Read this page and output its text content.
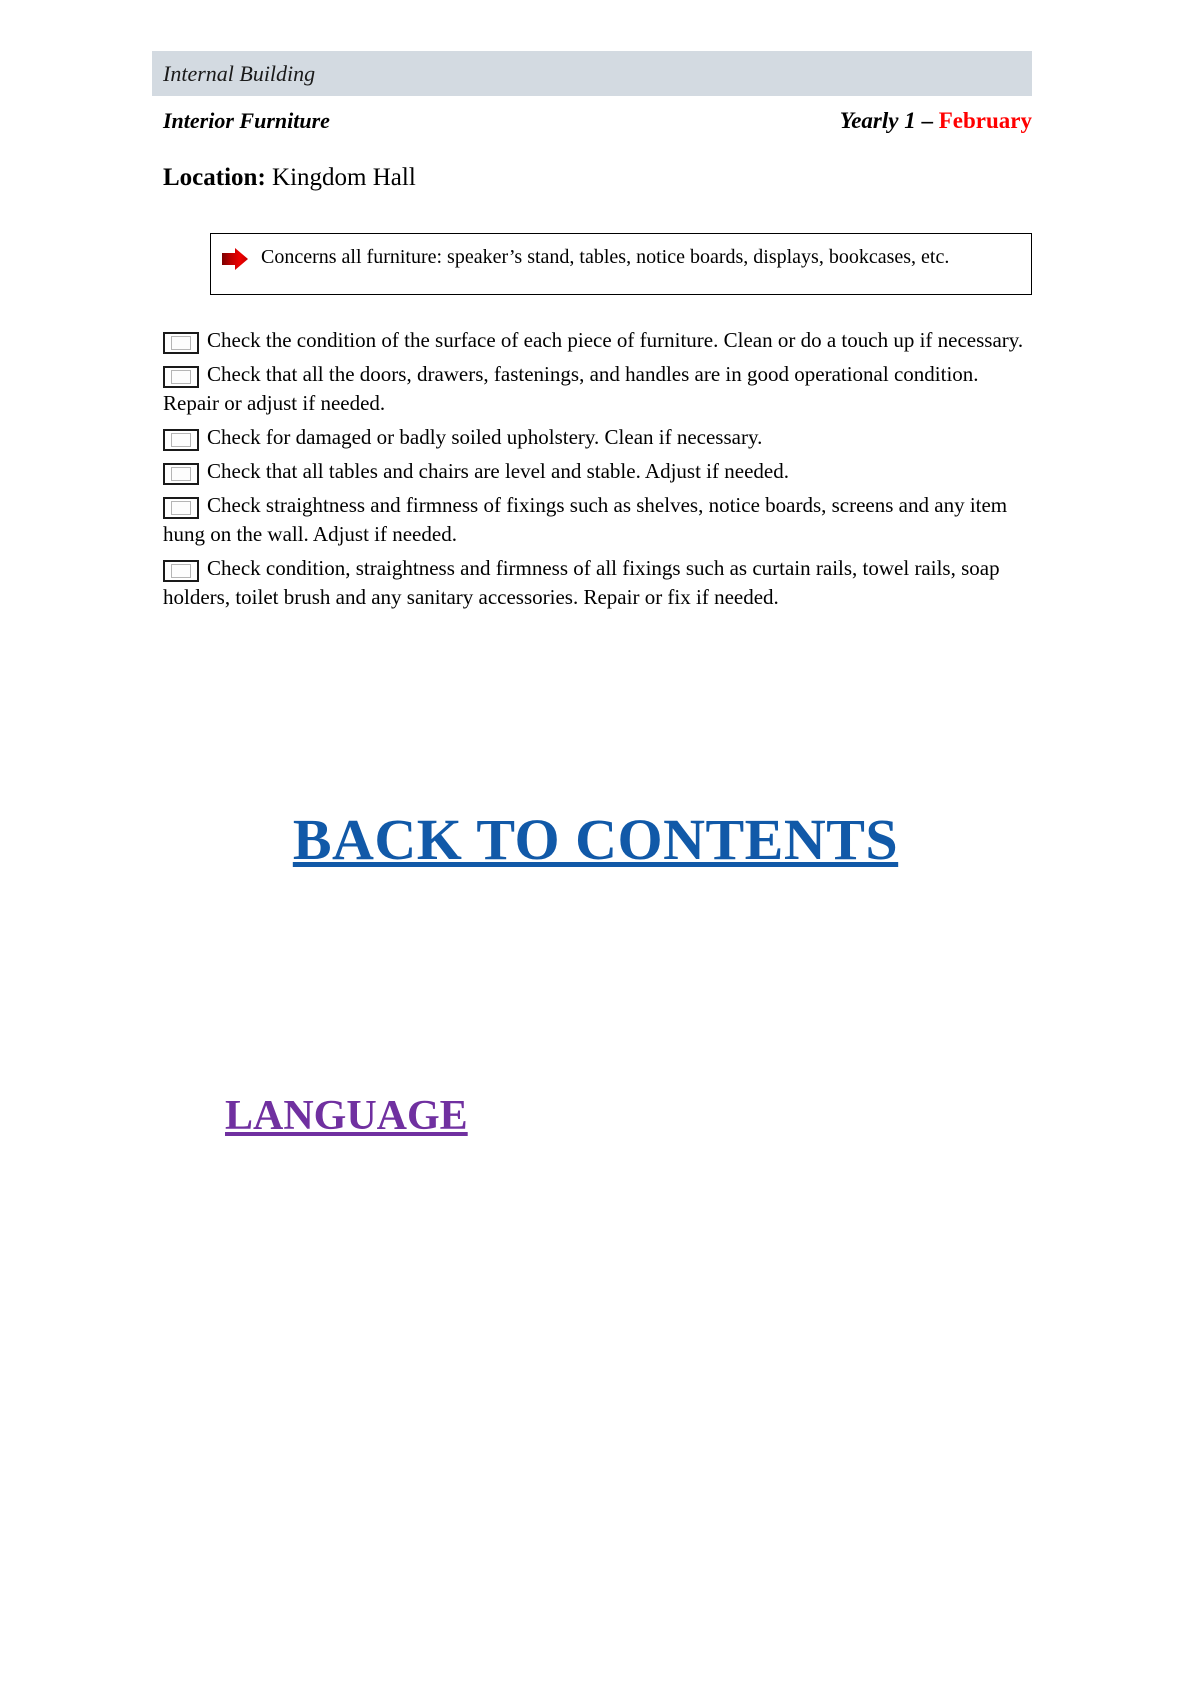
Internal Building
Interior Furniture	Yearly 1 – February
Location: Kingdom Hall
Concerns all furniture: speaker’s stand, tables, notice boards, displays, bookcases, etc.
Check the condition of the surface of each piece of furniture. Clean or do a touch up if necessary.
Check that all the doors, drawers, fastenings, and handles are in good operational condition. Repair or adjust if needed.
Check for damaged or badly soiled upholstery. Clean if necessary.
Check that all tables and chairs are level and stable. Adjust if needed.
Check straightness and firmness of fixings such as shelves, notice boards, screens and any item hung on the wall. Adjust if needed.
Check condition, straightness and firmness of all fixings such as curtain rails, towel rails, soap holders, toilet brush and any sanitary accessories. Repair or fix if needed.
BACK TO CONTENTS
LANGUAGE
